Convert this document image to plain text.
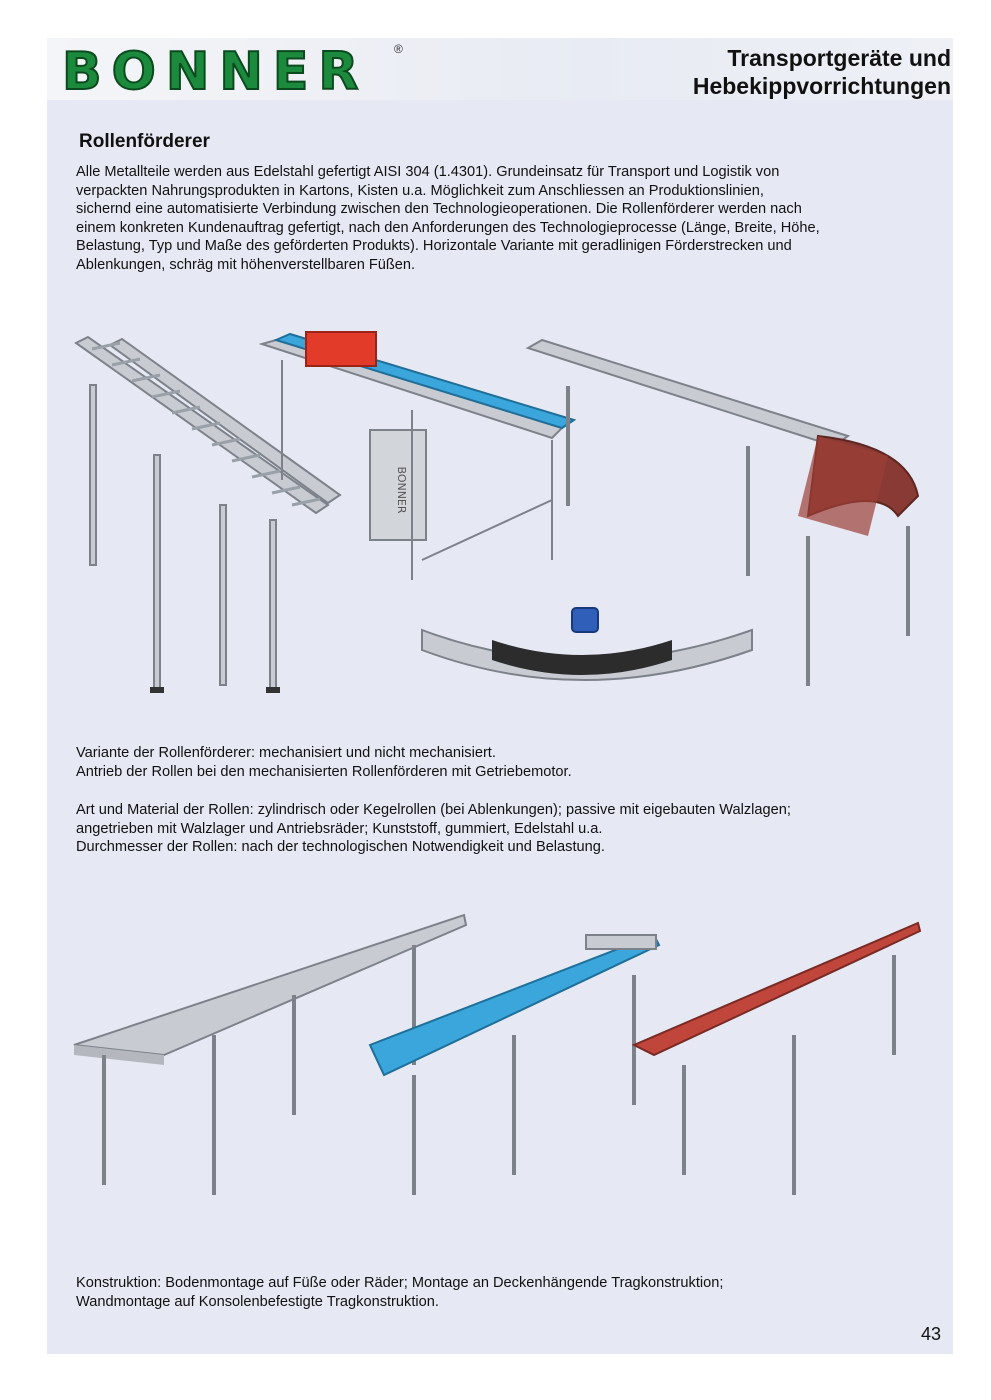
BONNER ®	Transportgeräte und
Hebekippvorrichtungen
Rollenförderer
Alle Metallteile werden aus Edelstahl gefertigt AISI 304 (1.4301). Grundeinsatz für Transport und Logistik von
verpackten Nahrungsprodukten in Kartons, Kisten u.a. Möglichkeit zum Anschliessen an Produktionslinien,
sichernd eine automatisierte Verbindung zwischen den Technologieoperationen. Die Rollenförderer werden nach
einem konkreten Kundenauftrag gefertigt, nach den Anforderungen des Technologieprocesse (Länge, Breite, Höhe,
Belastung, Typ und Maße des geförderten Produkts). Horizontale Variante mit geradlinigen Förderstrecken und
Ablenkungen, schräg mit höhenverstellbaren Füßen.
BONNER
Variante der Rollenförderer: mechanisiert und nicht mechanisiert.
Antrieb der Rollen bei den mechanisierten Rollenförderen mit Getriebemotor.
Art und Material der Rollen: zylindrisch oder Kegelrollen (bei Ablenkungen); passive mit eigebauten Walzlagen;
angetrieben mit Walzlager und Antriebsräder; Kunststoff, gummiert, Edelstahl u.a.
Durchmesser der Rollen: nach der technologischen Notwendigkeit und Belastung.
Konstruktion: Bodenmontage auf Füße oder Räder; Montage an Deckenhängende Tragkonstruktion;
Wandmontage auf Konsolenbefestigte Tragkonstruktion.
43
